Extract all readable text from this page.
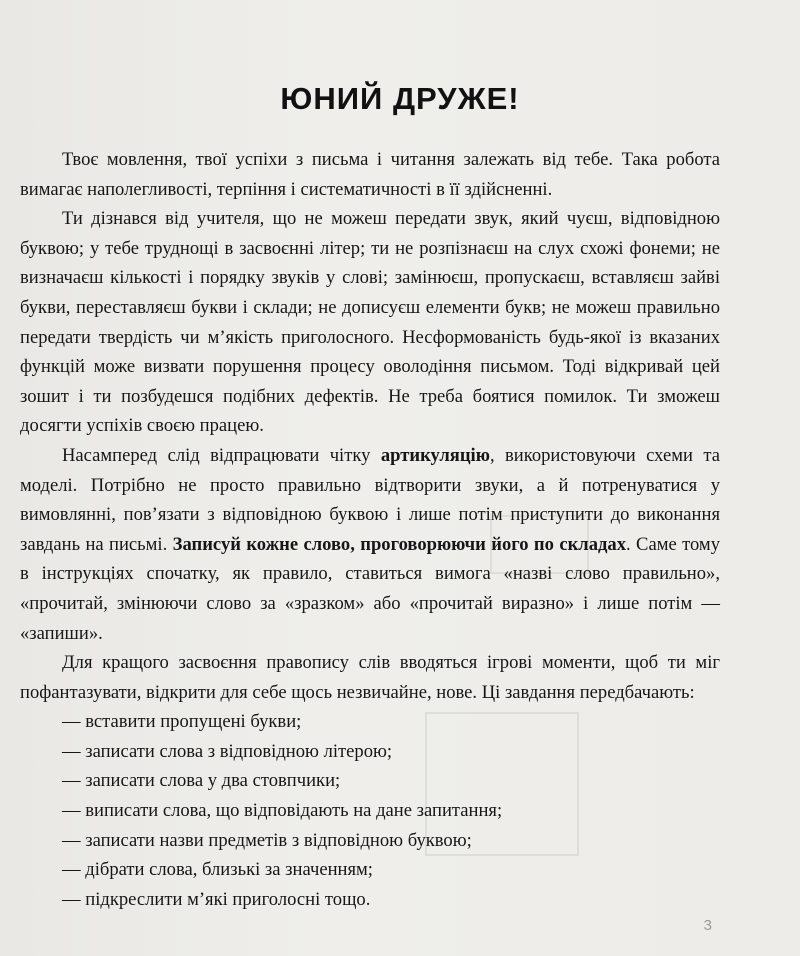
ЮНИЙ ДРУЖЕ!

Твоє мовлення, твої успіхи з письма і читання залежать від тебе. Така робота вимагає наполегливості, терпіння і систематичності в її здійсненні.

Ти дізнався від учителя, що не можеш передати звук, який чуєш, відповідною буквою; у тебе труднощі в засвоєнні літер; ти не розпізнаєш на слух схожі фонеми; не визначаєш кількості і порядку звуків у слові; замінюєш, пропускаєш, вставляєш зайві букви, переставляєш букви і склади; не дописуєш елементи букв; не можеш правильно передати твердість чи м’якість приголосного. Несформованість будь-якої із вказаних функцій може визвати порушення процесу оволодіння письмом. Тоді відкривай цей зошит і ти позбудешся подібних дефектів. Не треба боятися помилок. Ти зможеш досягти успіхів своєю працею.

Насамперед слід відпрацювати чітку артикуляцію, використовуючи схеми та моделі. Потрібно не просто правильно відтворити звуки, а й потренуватися у вимовлянні, пов’язати з відповідною буквою і лише потім приступити до виконання завдань на письмі. Записуй кожне слово, проговорюючи його по складах. Саме тому в інструкціях спочатку, як правило, ставиться вимога «назві слово правильно», «прочитай, змінюючи слово за «зразком» або «прочитай виразно» і лише потім — «запиши».

Для кращого засвоєння правопису слів вводяться ігрові моменти, щоб ти міг пофантазувати, відкрити для себе щось незвичайне, нове. Ці завдання передбачають:

— вставити пропущені букви;
— записати слова з відповідною літерою;
— записати слова у два стовпчики;
— виписати слова, що відповідають на дане запитання;
— записати назви предметів з відповідною буквою;
— дібрати слова, близькі за значенням;
— підкреслити м’які приголосні тощо.
3
